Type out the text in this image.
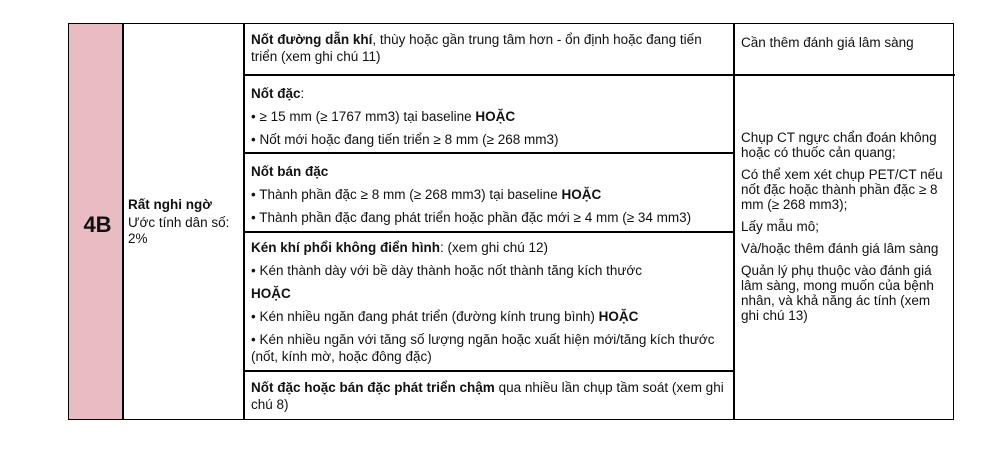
4B
Rất nghi ngờ
Ước tính dân số: 2%
Nốt đường dẫn khí, thùy hoặc gần trung tâm hơn - ổn định hoặc đang tiến triển (xem ghi chú 11)
Nốt đặc:
• ≥ 15 mm (≥ 1767 mm3) tại baseline HOẶC
• Nốt mới hoặc đang tiến triển ≥ 8 mm (≥ 268 mm3)
Nốt bán đặc
• Thành phần đặc ≥ 8 mm (≥ 268 mm3) tại baseline HOẶC
• Thành phần đặc đang phát triển hoặc phần đặc mới ≥ 4 mm (≥ 34 mm3)
Kén khí phổi không điển hình: (xem ghi chú 12)
• Kén thành dày với bề dày thành hoặc nốt thành tăng kích thước
HOẶC
• Kén nhiều ngăn đang phát triển (đường kính trung bình) HOẶC
• Kén nhiều ngăn với tăng số lượng ngăn hoặc xuất hiện mới/tăng kích thước (nốt, kính mờ, hoặc đông đặc)
Nốt đặc hoặc bán đặc phát triển chậm qua nhiều lần chụp tầm soát (xem ghi chú 8)
Cần thêm đánh giá lâm sàng

Chụp CT ngực chẩn đoán không hoặc có thuốc cản quang;

Có thể xem xét chụp PET/CT nếu nốt đặc hoặc thành phần đặc ≥ 8 mm (≥ 268 mm3);

Lấy mẫu mô;

Và/hoặc thêm đánh giá lâm sàng

Quản lý phụ thuộc vào đánh giá lâm sàng, mong muốn của bệnh nhân, và khả năng ác tính (xem ghi chú 13)
